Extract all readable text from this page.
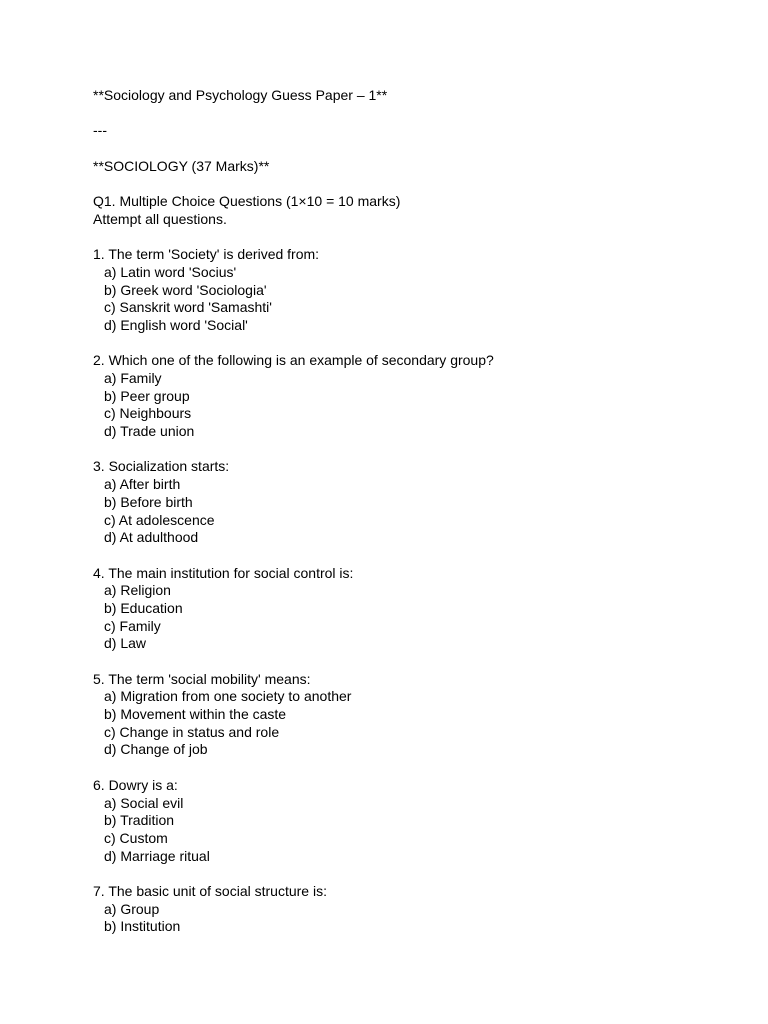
**Sociology and Psychology Guess Paper – 1**
---
**SOCIOLOGY (37 Marks)**
Q1. Multiple Choice Questions (1×10 = 10 marks)
Attempt all questions.
1. The term 'Society' is derived from:
a) Latin word 'Socius'
b) Greek word 'Sociologia'
c) Sanskrit word 'Samashti'
d) English word 'Social'
2. Which one of the following is an example of secondary group?
a) Family
b) Peer group
c) Neighbours
d) Trade union
3. Socialization starts:
a) After birth
b) Before birth
c) At adolescence
d) At adulthood
4. The main institution for social control is:
a) Religion
b) Education
c) Family
d) Law
5. The term 'social mobility' means:
a) Migration from one society to another
b) Movement within the caste
c) Change in status and role
d) Change of job
6. Dowry is a:
a) Social evil
b) Tradition
c) Custom
d) Marriage ritual
7. The basic unit of social structure is:
a) Group
b) Institution
